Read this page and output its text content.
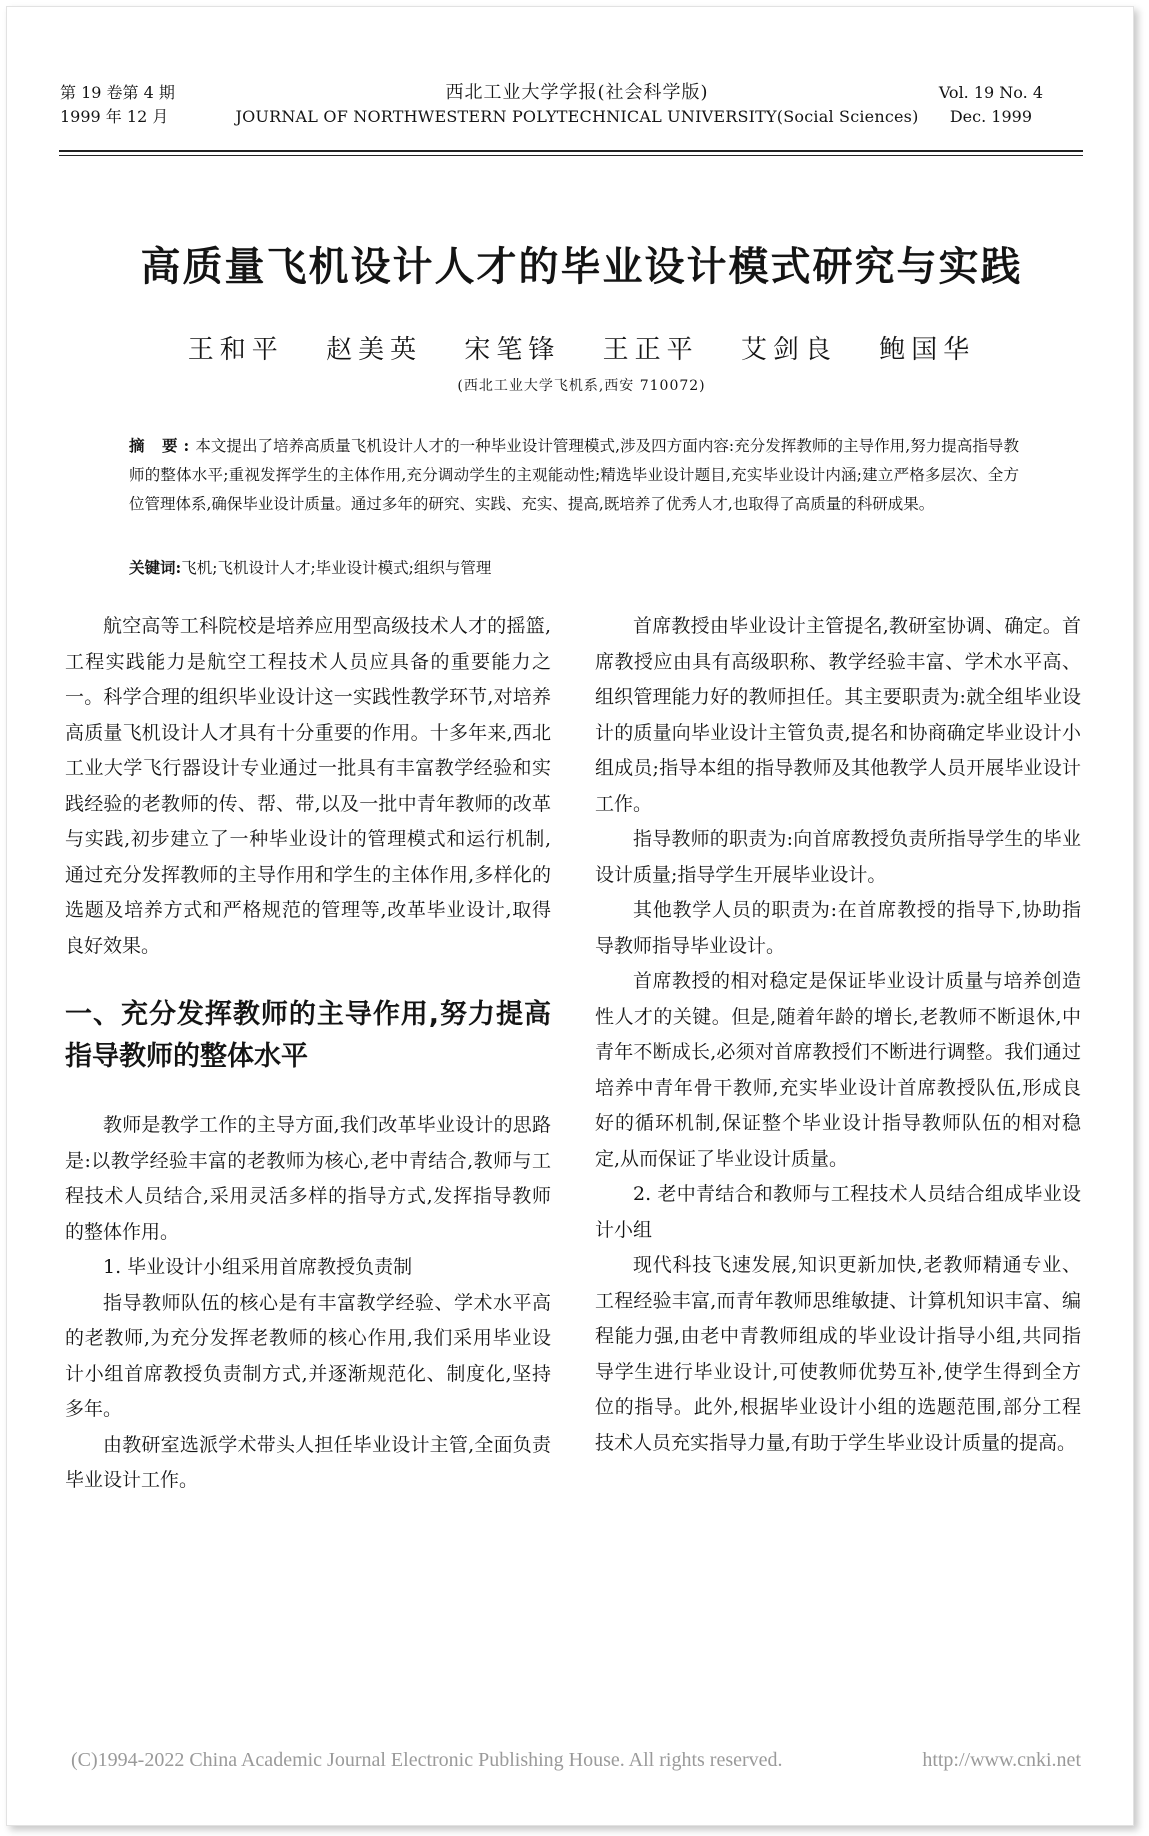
第 19 卷第 4 期
1999 年 12 月
西北工业大学学报(社会科学版)
JOURNAL OF NORTHWESTERN POLYTECHNICAL UNIVERSITY(Social Sciences)
Vol. 19 No. 4
Dec. 1999
高质量飞机设计人才的毕业设计模式研究与实践
王和平 赵美英 宋笔锋 王正平 艾剑良 鲍国华
(西北工业大学飞机系,西安 710072)
摘 要:本文提出了培养高质量飞机设计人才的一种毕业设计管理模式,涉及四方面内容:充分发挥教师的主导作用,努力提高指导教师的整体水平;重视发挥学生的主体作用,充分调动学生的主观能动性;精选毕业设计题目,充实毕业设计内涵;建立严格多层次、全方位管理体系,确保毕业设计质量。通过多年的研究、实践、充实、提高,既培养了优秀人才,也取得了高质量的科研成果。
关键词:飞机;飞机设计人才;毕业设计模式;组织与管理

航空高等工科院校是培养应用型高级技术人才的摇篮,工程实践能力是航空工程技术人员应具备的重要能力之一。科学合理的组织毕业设计这一实践性教学环节,对培养高质量飞机设计人才具有十分重要的作用。十多年来,西北工业大学飞行器设计专业通过一批具有丰富教学经验和实践经验的老教师的传、帮、带,以及一批中青年教师的改革与实践,初步建立了一种毕业设计的管理模式和运行机制,通过充分发挥教师的主导作用和学生的主体作用,多样化的选题及培养方式和严格规范的管理等,改革毕业设计,取得良好效果。

一、充分发挥教师的主导作用,努力提高指导教师的整体水平

教师是教学工作的主导方面,我们改革毕业设计的思路是:以教学经验丰富的老教师为核心,老中青结合,教师与工程技术人员结合,采用灵活多样的指导方式,发挥指导教师的整体作用。

1. 毕业设计小组采用首席教授负责制

指导教师队伍的核心是有丰富教学经验、学术水平高的老教师,为充分发挥老教师的核心作用,我们采用毕业设计小组首席教授负责制方式,并逐渐规范化、制度化,坚持多年。

由教研室选派学术带头人担任毕业设计主管,全面负责毕业设计工作。

首席教授由毕业设计主管提名,教研室协调、确定。首席教授应由具有高级职称、教学经验丰富、学术水平高、组织管理能力好的教师担任。其主要职责为:就全组毕业设计的质量向毕业设计主管负责,提名和协商确定毕业设计小组成员;指导本组的指导教师及其他教学人员开展毕业设计工作。

指导教师的职责为:向首席教授负责所指导学生的毕业设计质量;指导学生开展毕业设计。

其他教学人员的职责为:在首席教授的指导下,协助指导教师指导毕业设计。

首席教授的相对稳定是保证毕业设计质量与培养创造性人才的关键。但是,随着年龄的增长,老教师不断退休,中青年不断成长,必须对首席教授们不断进行调整。我们通过培养中青年骨干教师,充实毕业设计首席教授队伍,形成良好的循环机制,保证整个毕业设计指导教师队伍的相对稳定,从而保证了毕业设计质量。

2. 老中青结合和教师与工程技术人员结合组成毕业设计小组

现代科技飞速发展,知识更新加快,老教师精通专业、工程经验丰富,而青年教师思维敏捷、计算机知识丰富、编程能力强,由老中青教师组成的毕业设计指导小组,共同指导学生进行毕业设计,可使教师优势互补,使学生得到全方位的指导。此外,根据毕业设计小组的选题范围,部分工程技术人员充实指导力量,有助于学生毕业设计质量的提高。

(C)1994-2022 China Academic Journal Electronic Publishing House. All rights reserved.	http://www.cnki.net
